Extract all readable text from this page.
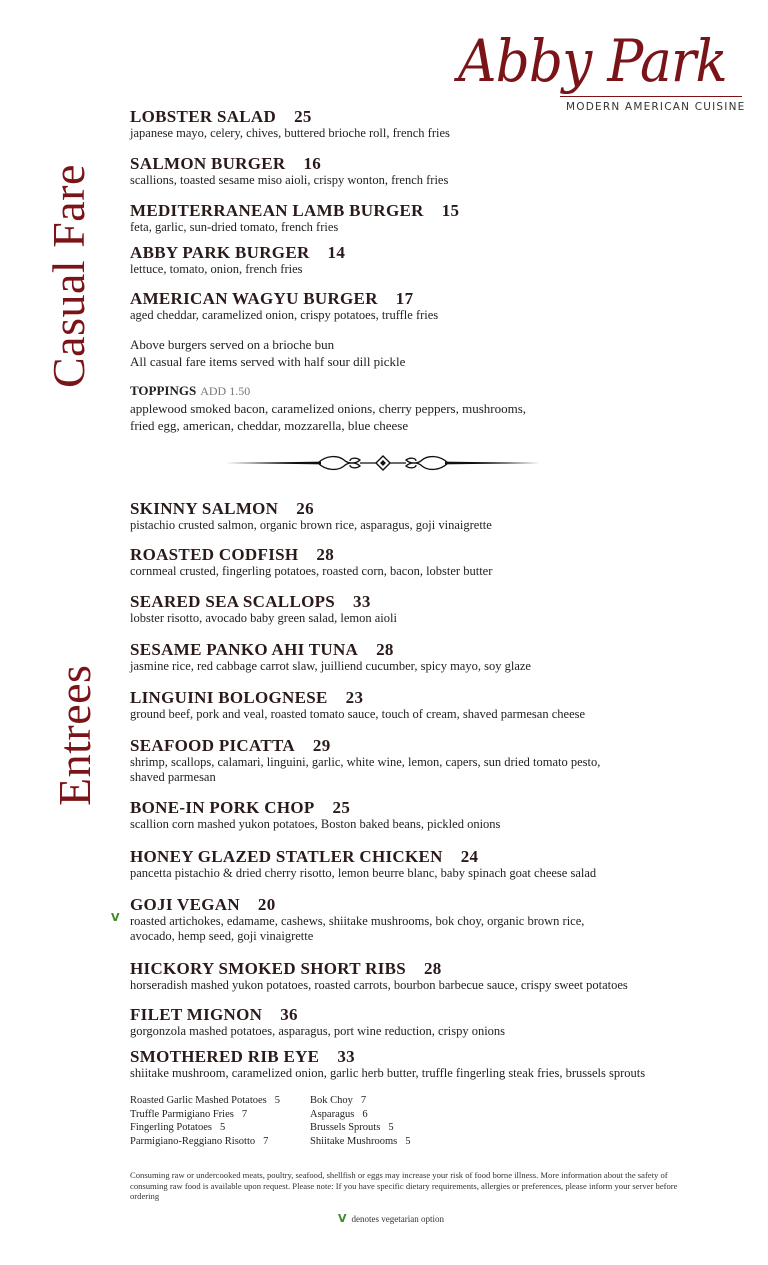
Abby Park
MODERN AMERICAN CUISINE
Casual Fare
Entrees
LOBSTER SALAD 25
japanese mayo, celery, chives, buttered brioche roll, french fries
SALMON BURGER 16
scallions, toasted sesame miso aioli, crispy wonton, french fries
MEDITERRANEAN LAMB BURGER 15
feta, garlic, sun-dried tomato, french fries
ABBY PARK BURGER 14
lettuce, tomato, onion, french fries
AMERICAN WAGYU BURGER 17
aged cheddar, caramelized onion, crispy potatoes, truffle fries
Above burgers served on a brioche bun
All casual fare items served with half sour dill pickle
TOPPINGS ADD 1.50
applewood smoked bacon, caramelized onions, cherry peppers, mushrooms,
fried egg, american, cheddar, mozzarella, blue cheese
SKINNY SALMON 26
pistachio crusted salmon, organic brown rice, asparagus, goji vinaigrette
ROASTED CODFISH 28
cornmeal crusted, fingerling potatoes, roasted corn, bacon, lobster butter
SEARED SEA SCALLOPS 33
lobster risotto, avocado baby green salad, lemon aioli
SESAME PANKO AHI TUNA 28
jasmine rice, red cabbage carrot slaw, juilliend cucumber, spicy mayo, soy glaze
LINGUINI BOLOGNESE 23
ground beef, pork and veal, roasted tomato sauce, touch of cream, shaved parmesan cheese
SEAFOOD PICATTA 29
shrimp, scallops, calamari, linguini, garlic, white wine, lemon, capers, sun dried tomato pesto,
shaved parmesan
BONE-IN PORK CHOP 25
scallion corn mashed yukon potatoes, Boston baked beans, pickled onions
HONEY GLAZED STATLER CHICKEN 24
pancetta pistachio & dried cherry risotto, lemon beurre blanc, baby spinach goat cheese salad
V
GOJI VEGAN 20
roasted artichokes, edamame, cashews, shiitake mushrooms, bok choy, organic brown rice,
avocado, hemp seed, goji vinaigrette
HICKORY SMOKED SHORT RIBS 28
horseradish mashed yukon potatoes, roasted carrots, bourbon barbecue sauce, crispy sweet potatoes
FILET MIGNON 36
gorgonzola mashed potatoes, asparagus, port wine reduction, crispy onions
SMOTHERED RIB EYE 33
shiitake mushroom, caramelized onion, garlic herb butter, truffle fingerling steak fries, brussels sprouts
Roasted Garlic Mashed Potatoes 5
Truffle Parmigiano Fries 7
Fingerling Potatoes 5
Parmigiano-Reggiano Risotto 7
Bok Choy 7
Asparagus 6
Brussels Sprouts 5
Shiitake Mushrooms 5
Consuming raw or undercooked meats, poultry, seafood, shellfish or eggs may increase your risk of food borne illness. More information about the safety of consuming raw food is available upon request. Please note: If you have specific dietary requirements, allergies or preferences, please inform your server before ordering
V denotes vegetarian option
